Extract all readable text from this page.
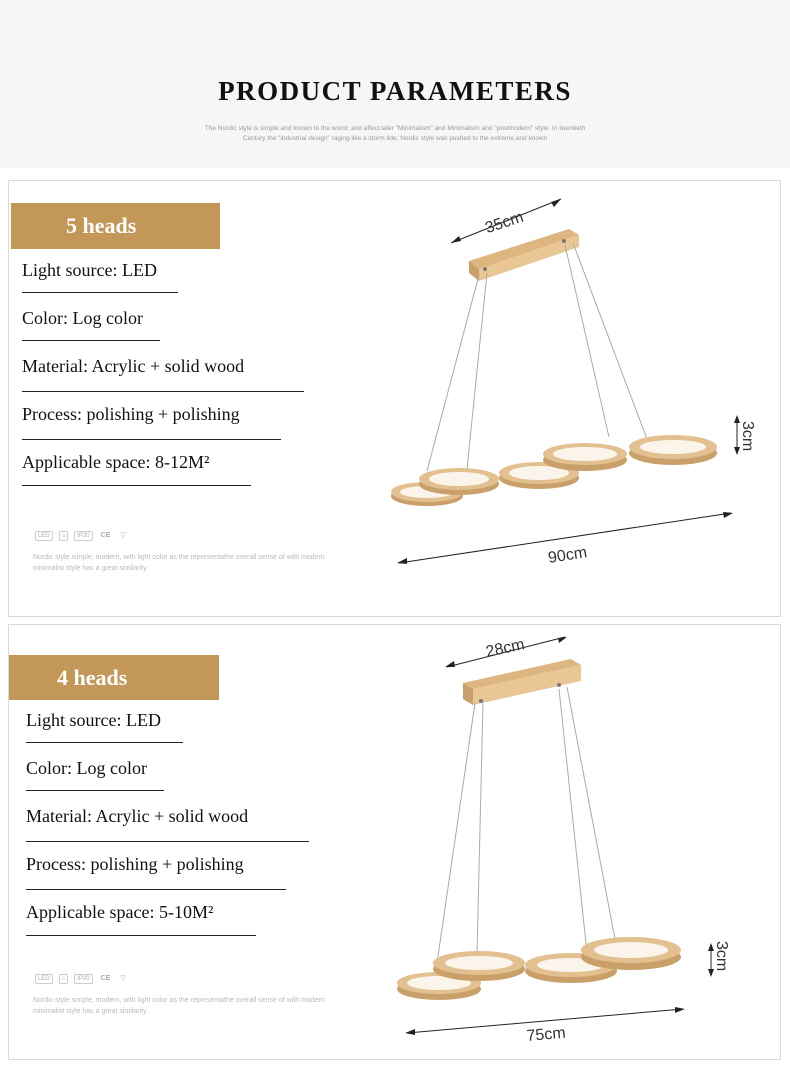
PRODUCT PARAMETERS
The Nordic style is simple and known to the world, and affect later "Minimalism" and Minimalism and "postmodern" style. In twentieth Century the "industrial design" raging like a storm lide, Nordic style was pushed to the extreme,and known
5 heads
Light source: LED
Color: Log color
Material: Acrylic + solid wood
Process: polishing + polishing
Applicable space: 8-12M²
LED	⌂	IP20	CE ▽
Nordic style simple, modern, with light color as the representathe overall sense of with modern minimalist style has a great similarity
35cm
3cm
90cm
4 heads
Light source: LED
Color: Log color
Material: Acrylic + solid wood
Process: polishing + polishing
Applicable space: 5-10M²
LED	⌂	IP20	CE ▽
Nordic style simple, modern, with light color as the representathe overall sense of with modern minimalist style has a great similarity
28cm
3cm
75cm
